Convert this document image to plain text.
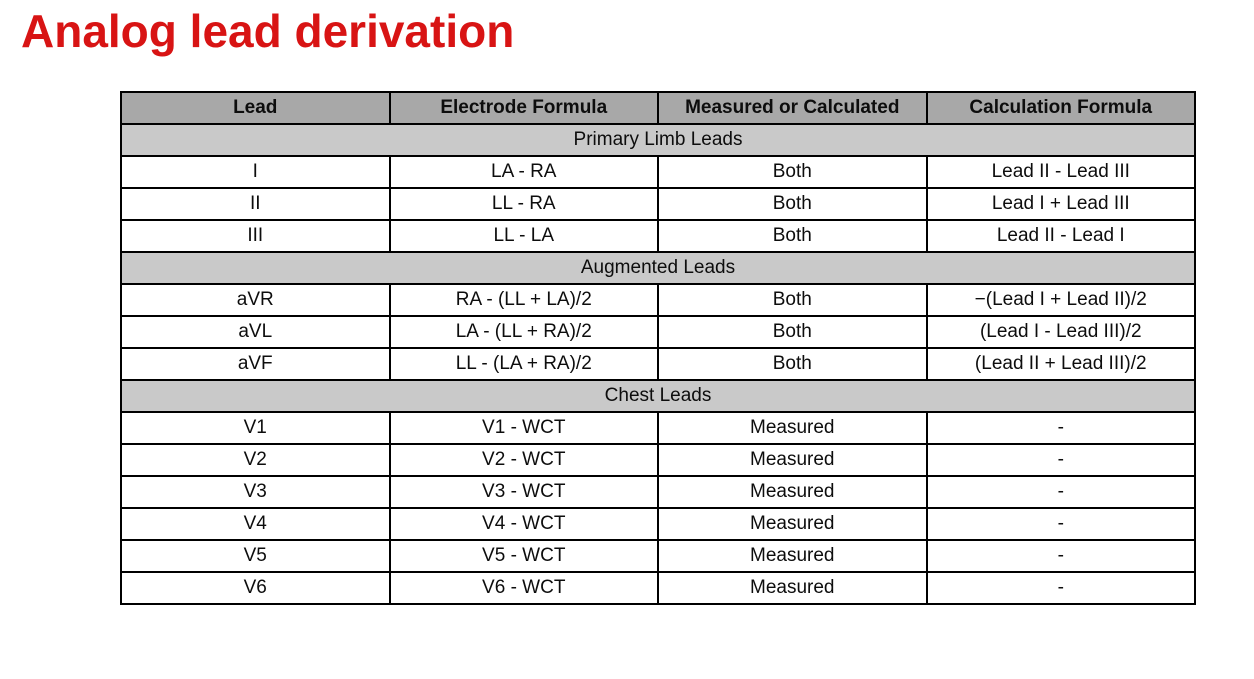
Analog lead derivation
Lead	Electrode Formula	Measured or Calculated	Calculation Formula
Primary Limb Leads			
I	LA - RA	Both	Lead II - Lead III
II	LL - RA	Both	Lead I + Lead III
III	LL - LA	Both	Lead II - Lead I
Augmented Leads			
aVR	RA - (LL + LA)/2	Both	−(Lead I + Lead II)/2
aVL	LA - (LL + RA)/2	Both	(Lead I - Lead III)/2
aVF	LL - (LA + RA)/2	Both	(Lead II + Lead III)/2
Chest Leads			
V1	V1 - WCT	Measured	-
V2	V2 - WCT	Measured	-
V3	V3 - WCT	Measured	-
V4	V4 - WCT	Measured	-
V5	V5 - WCT	Measured	-
V6	V6 - WCT	Measured	-
